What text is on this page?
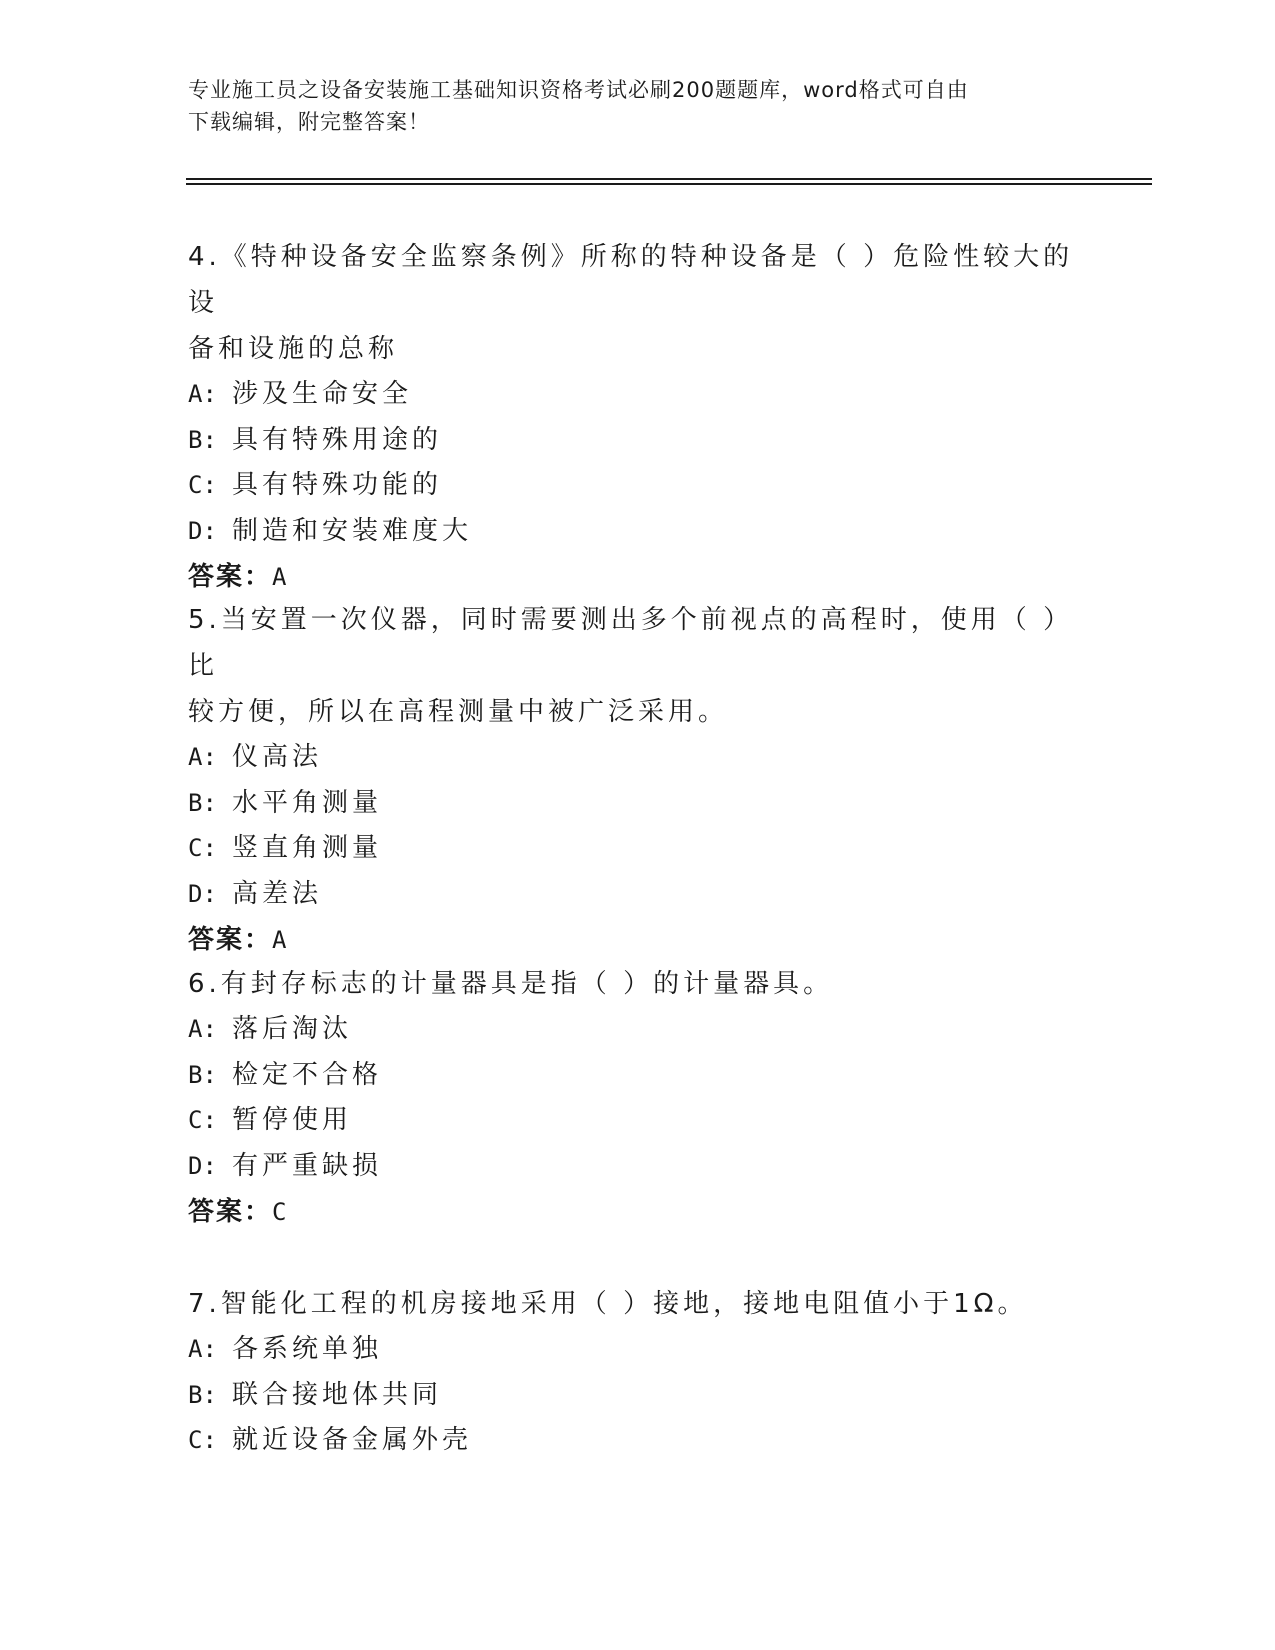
专业施工员之设备安装施工基础知识资格考试必刷200题题库，word格式可自由
下载编辑，附完整答案！

4.《特种设备安全监察条例》所称的特种设备是（ ）危险性较大的设
备和设施的总称

A: 涉及生命安全

B: 具有特殊用途的

C: 具有特殊功能的

D: 制造和安装难度大

答案：A

5.当安置一次仪器，同时需要测出多个前视点的高程时，使用（ ）比
较方便，所以在高程测量中被广泛采用。

A: 仪高法

B: 水平角测量

C: 竖直角测量

D: 高差法

答案：A

6.有封存标志的计量器具是指（ ）的计量器具。

A: 落后淘汰

B: 检定不合格

C: 暂停使用

D: 有严重缺损

答案：C

7.智能化工程的机房接地采用（ ）接地，接地电阻值小于1Ω。

A: 各系统单独

B: 联合接地体共同

C: 就近设备金属外壳
